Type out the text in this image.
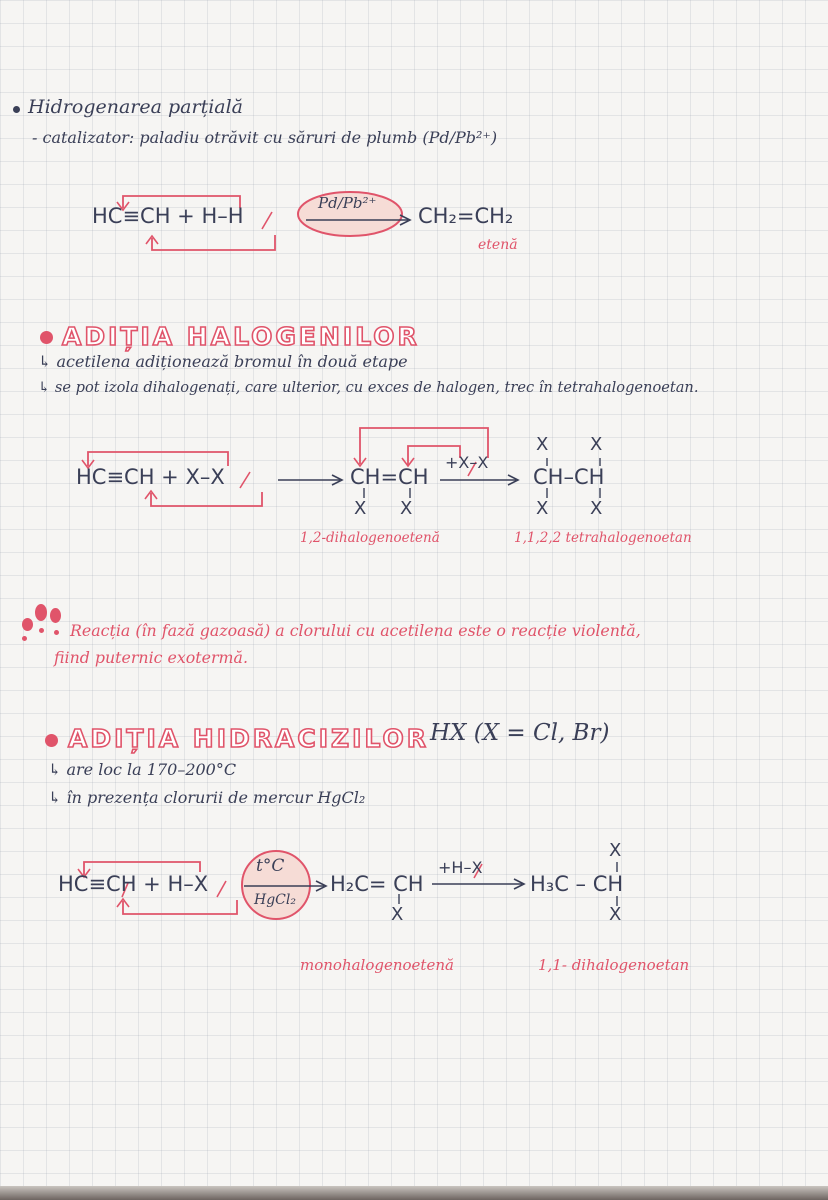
Hidrogenarea parțială
- catalizator: paladiu otrăvit cu săruri de plumb (Pd/Pb²⁺)
HC≡CH + H–H
Pd/Pb²⁺
CH₂=CH₂
etenă
ADIȚIA HALOGENILOR
↳ acetilena adiționează bromul în două etape
↳ se pot izola dihalogenați, care ulterior, cu exces de halogen, trec în tetrahalogenoetan.
HC≡CH + X–X	CH=CH
+X–X
CH–CH
X X
X X	X X
1,2-dihalogenoetenă	1,1,2,2 tetrahalogenoetan
Reacția (în fază gazoasă) a clorului cu acetilena este o reacție violentă,
fiind puternic exotermă.
ADIȚIA HIDRACIZILOR HX (X = Cl, Br)
↳ are loc la 170–200°C
↳ în prezența clorurii de mercur HgCl₂
HC≡CH + H–X
t°C
HgCl₂
H₂C= CH
+H–X
H₃C – CH
X
X
X
monohalogenoetenă	1,1- dihalogenoetan
